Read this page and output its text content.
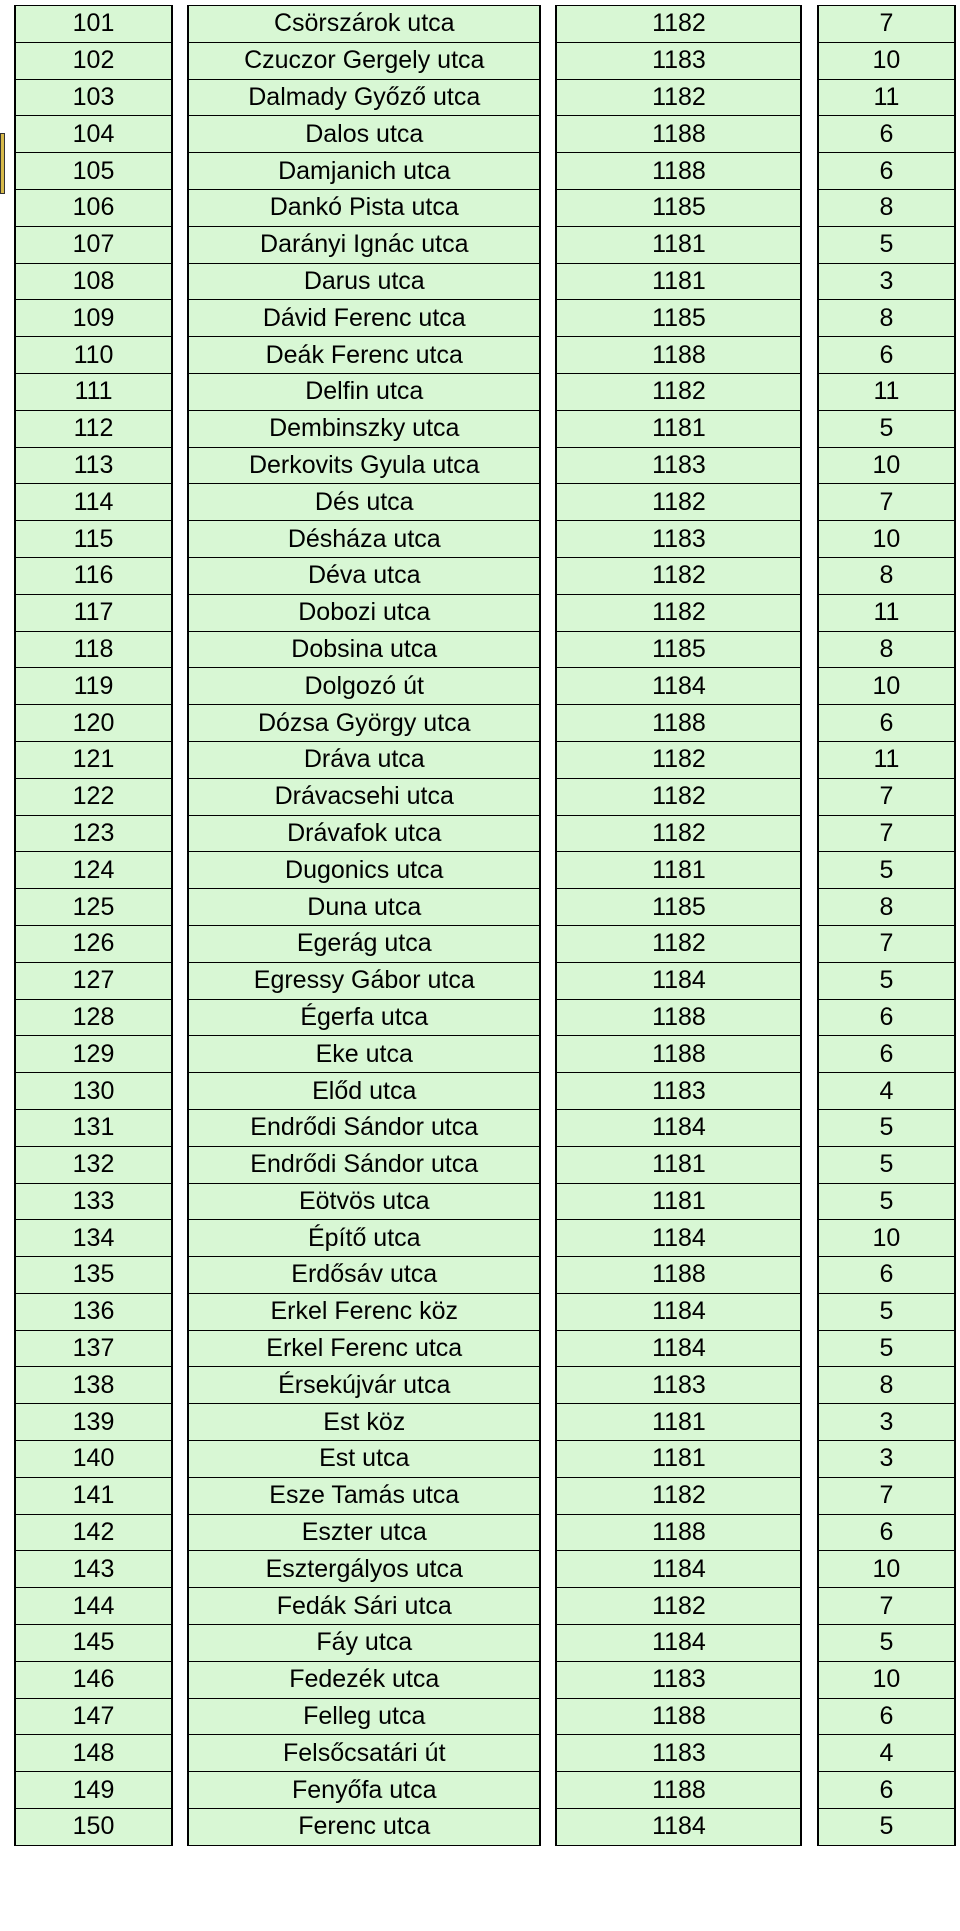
101		Csörszárok utca		1182		7
102		Czuczor Gergely utca		1183		10
103		Dalmady Győző utca		1182		11
104		Dalos utca		1188		6
105		Damjanich utca		1188		6
106		Dankó Pista utca		1185		8
107		Darányi Ignác utca		1181		5
108		Darus utca		1181		3
109		Dávid Ferenc utca		1185		8
110		Deák Ferenc utca		1188		6
111		Delfin utca		1182		11
112		Dembinszky utca		1181		5
113		Derkovits Gyula utca		1183		10
114		Dés utca		1182		7
115		Désháza utca		1183		10
116		Déva utca		1182		8
117		Dobozi utca		1182		11
118		Dobsina utca		1185		8
119		Dolgozó út		1184		10
120		Dózsa György utca		1188		6
121		Dráva utca		1182		11
122		Drávacsehi utca		1182		7
123		Drávafok utca		1182		7
124		Dugonics utca		1181		5
125		Duna utca		1185		8
126		Egerág utca		1182		7
127		Egressy Gábor utca		1184		5
128		Égerfa utca		1188		6
129		Eke utca		1188		6
130		Előd utca		1183		4
131		Endrődi Sándor utca		1184		5
132		Endrődi Sándor utca		1181		5
133		Eötvös utca		1181		5
134		Építő utca		1184		10
135		Erdősáv utca		1188		6
136		Erkel Ferenc köz		1184		5
137		Erkel Ferenc utca		1184		5
138		Érsekújvár utca		1183		8
139		Est köz		1181		3
140		Est utca		1181		3
141		Esze Tamás utca		1182		7
142		Eszter utca		1188		6
143		Esztergályos utca		1184		10
144		Fedák Sári utca		1182		7
145		Fáy utca		1184		5
146		Fedezék utca		1183		10
147		Felleg utca		1188		6
148		Felsőcsatári út		1183		4
149		Fenyőfa utca		1188		6
150		Ferenc utca		1184		5
